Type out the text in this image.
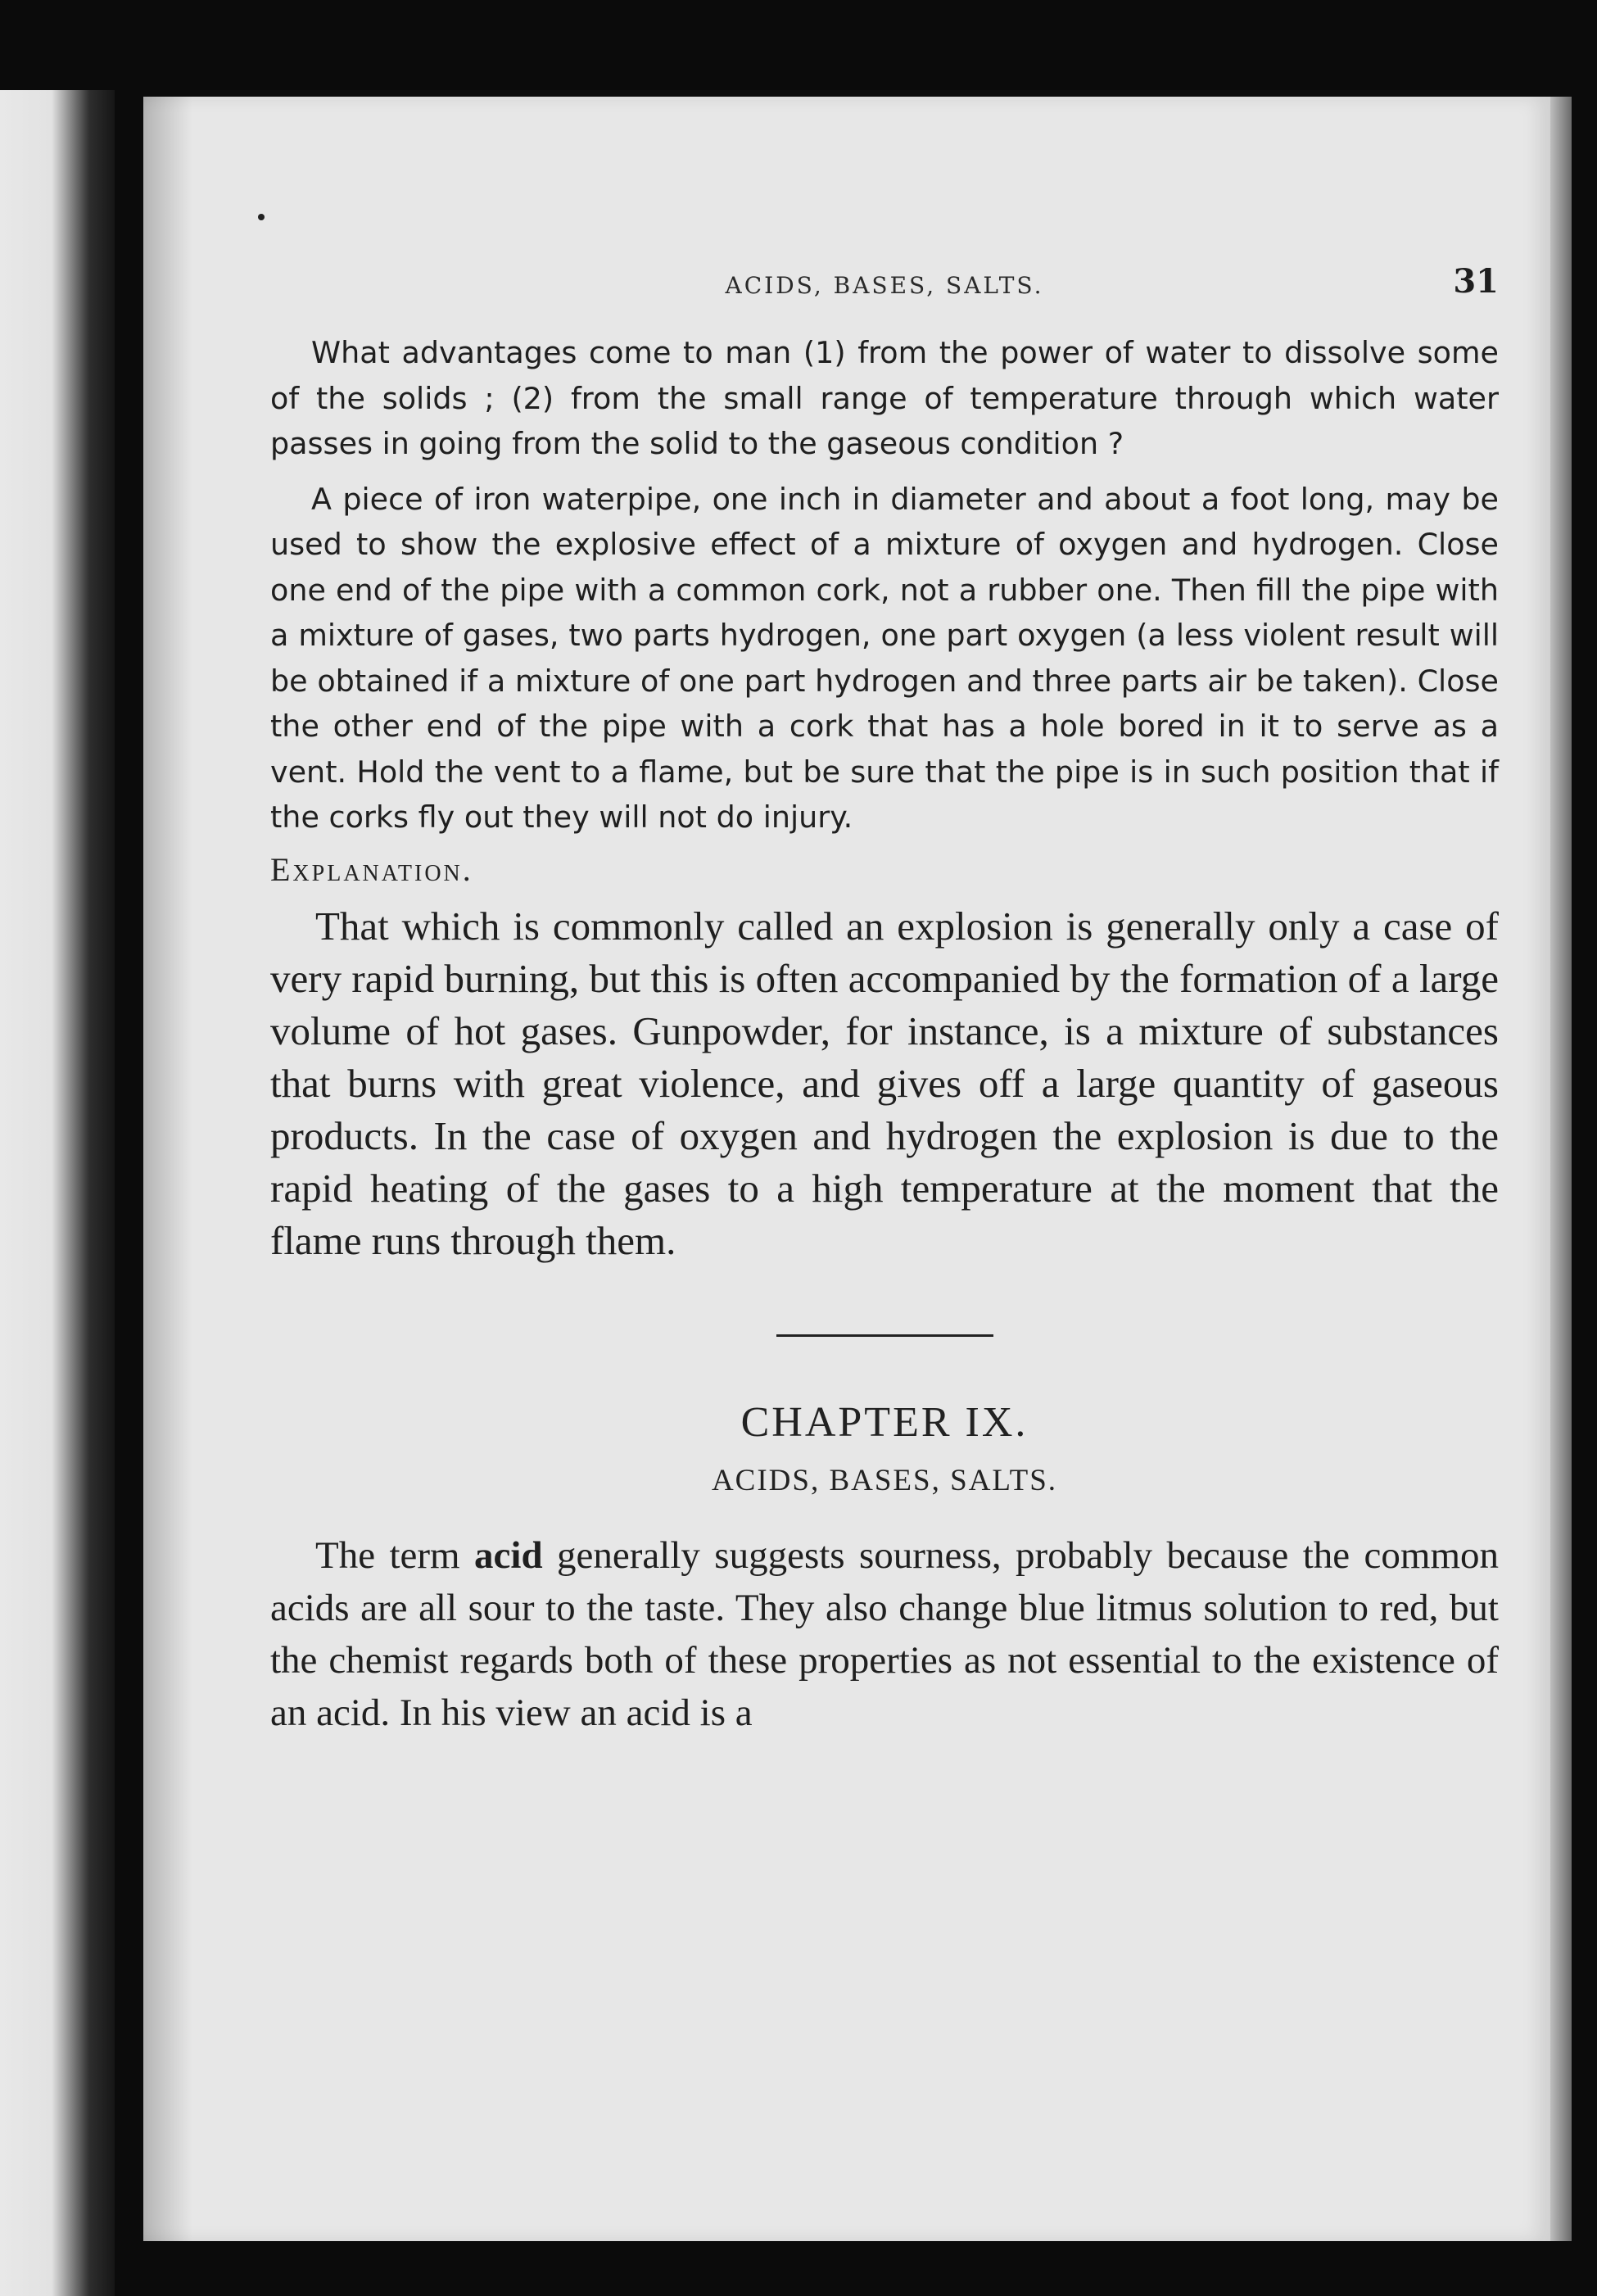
ACIDS, BASES, SALTS.	31

What advantages come to man (1) from the power of water to dissolve some of the solids ; (2) from the small range of temperature through which water passes in going from the solid to the gaseous condition ?

A piece of iron waterpipe, one inch in diameter and about a foot long, may be used to show the explosive effect of a mixture of oxygen and hydrogen. Close one end of the pipe with a common cork, not a rubber one. Then fill the pipe with a mixture of gases, two parts hydrogen, one part oxygen (a less violent result will be obtained if a mixture of one part hydrogen and three parts air be taken). Close the other end of the pipe with a cork that has a hole bored in it to serve as a vent. Hold the vent to a flame, but be sure that the pipe is in such position that if the corks fly out they will not do injury.

Explanation.

That which is commonly called an explosion is generally only a case of very rapid burning, but this is often accompanied by the formation of a large volume of hot gases. Gunpowder, for instance, is a mixture of substances that burns with great violence, and gives off a large quantity of gaseous products. In the case of oxygen and hydrogen the explosion is due to the rapid heating of the gases to a high temperature at the moment that the flame runs through them.

CHAPTER IX.
ACIDS, BASES, SALTS.

The term acid generally suggests sourness, probably because the common acids are all sour to the taste. They also change blue litmus solution to red, but the chemist regards both of these properties as not essential to the existence of an acid. In his view an acid is a
